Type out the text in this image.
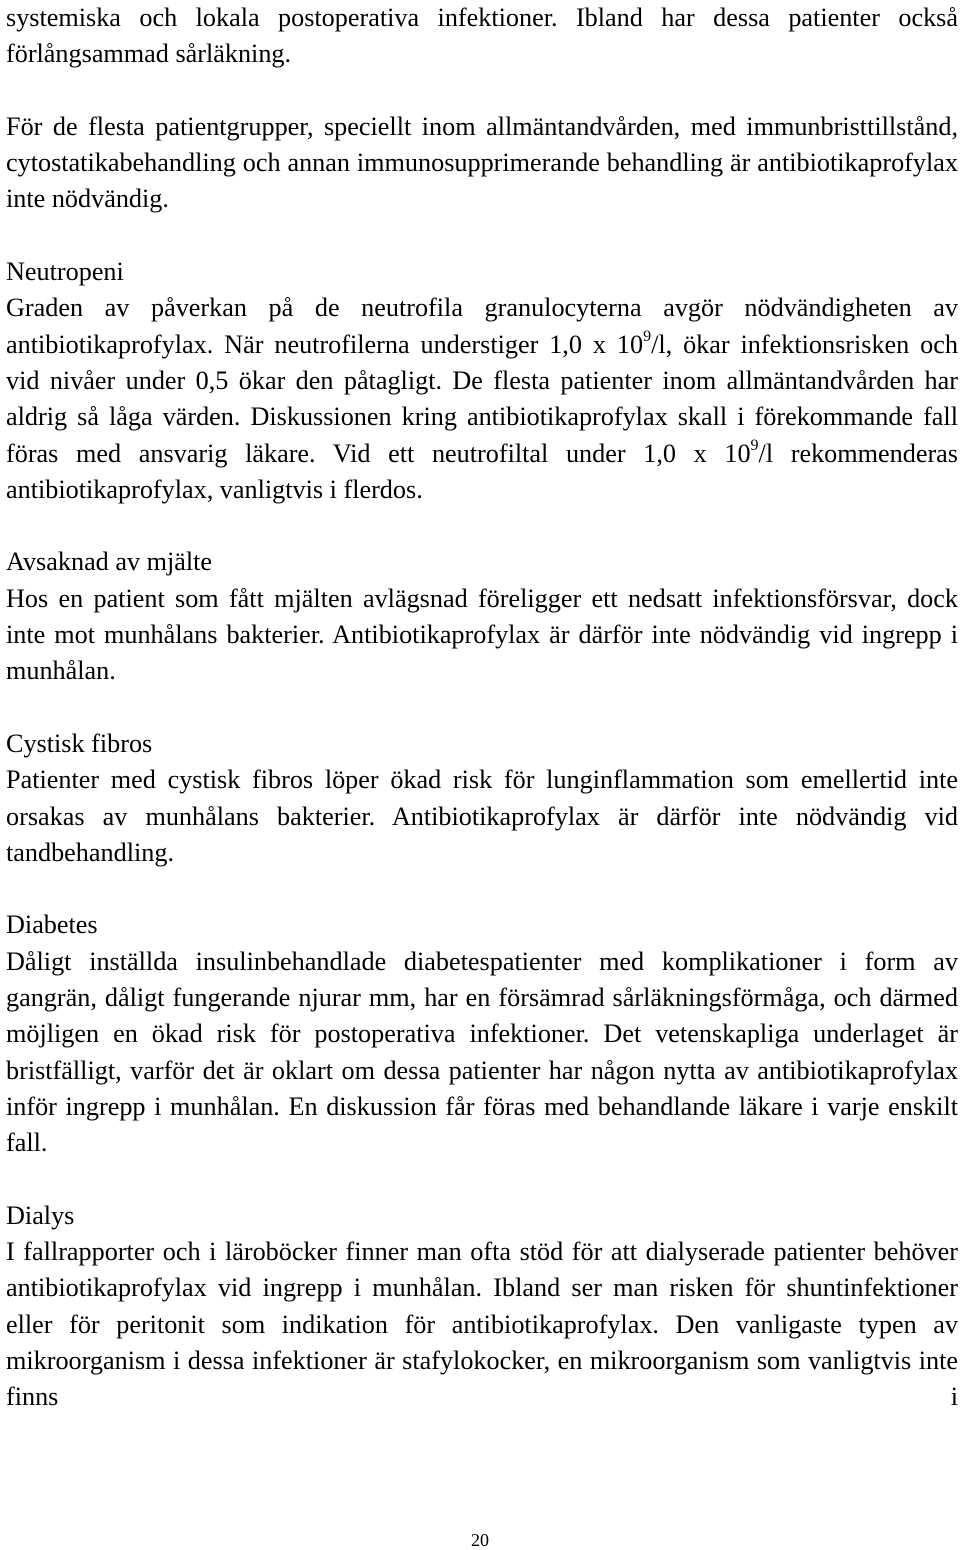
systemiska och lokala postoperativa infektioner. Ibland har dessa patienter också förlångsammad sårläkning.

För de flesta patientgrupper, speciellt inom allmäntandvården, med immunbristtillstånd, cytostatikabehandling och annan immunosupprimerande behandling är antibiotikaprofylax inte nödvändig.

Neutropeni

Graden av påverkan på de neutrofila granulocyterna avgör nödvändigheten av antibiotikaprofylax. När neutrofilerna understiger 1,0 x $10^9/l$, ökar infektionsrisken och vid nivåer under 0,5 ökar den påtagligt. De flesta patienter inom allmäntandvården har aldrig så låga värden. Diskussionen kring antibiotikaprofylax skall i förekommande fall föras med ansvarig läkare. Vid ett neutrofiltal under 1,0 x $10^9/l$ rekommenderas antibiotikaprofylax, vanligtvis i flerdos.

Avsaknad av mjälte

Hos en patient som fått mjälten avlägsnad föreligger ett nedsatt infektionsförsvar, dock inte mot munhålans bakterier. Antibiotikaprofylax är därför inte nödvändig vid ingrepp i munhålan.

Cystisk fibros

Patienter med cystisk fibros löper ökad risk för lunginflammation som emellertid inte orsakas av munhålans bakterier. Antibiotikaprofylax är därför inte nödvändig vid tandbehandling.

Diabetes

Dåligt inställda insulinbehandlade diabetespatienter med komplikationer i form av gangrän, dåligt fungerande njurar mm, har en försämrad sårläkningsförmåga, och därmed möjligen en ökad risk för postoperativa infektioner. Det vetenskapliga underlaget är bristfälligt, varför det är oklart om dessa patienter har någon nytta av antibiotikaprofylax inför ingrepp i munhålan. En diskussion får föras med behandlande läkare i varje enskilt fall.

Dialys

I fallrapporter och i läroböcker finner man ofta stöd för att dialyserade patienter behöver antibiotikaprofylax vid ingrepp i munhålan. Ibland ser man risken för shuntinfektioner eller för peritonit som indikation för antibiotikaprofylax. Den vanligaste typen av mikroorganism i dessa infektioner är stafylokocker, en mikroorganism som vanligtvis inte finns i

20
